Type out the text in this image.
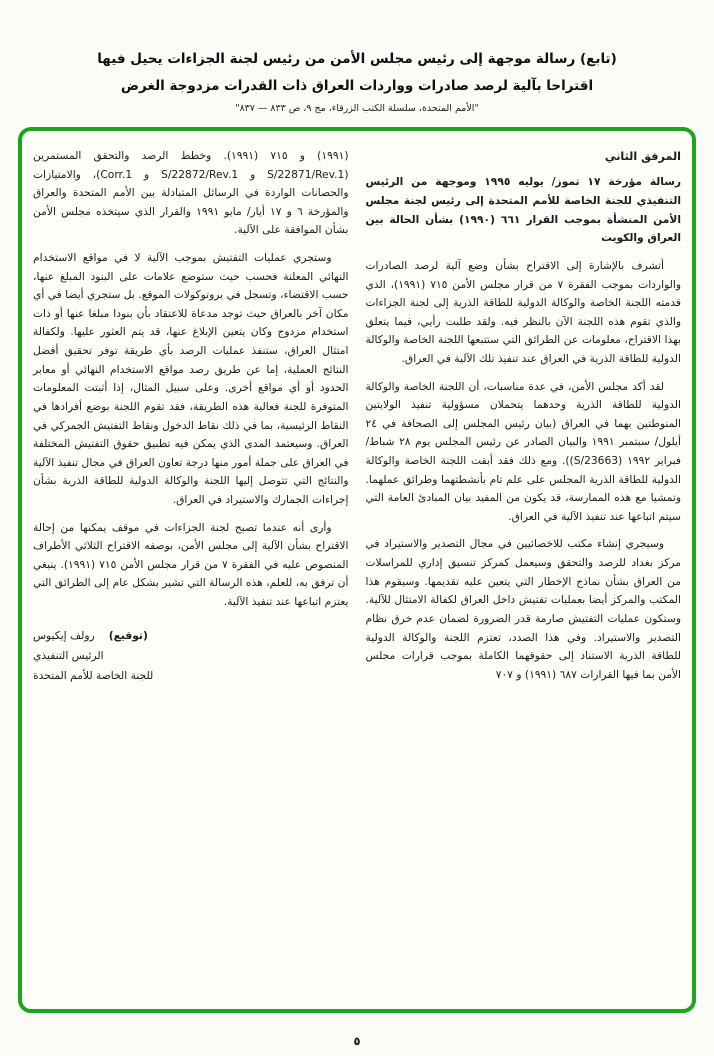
(تابع) رسالة موجهة إلى رئيس مجلس الأمن من رئيس لجنة الجزاءات يحيل فيها
اقتراحا بآلية لرصد صادرات وواردات العراق ذات القدرات مزدوجة الغرض
"الأمم المتحدة، سلسلة الكتب الزرقاء، مج ٩، ص ٨٣٣ — ٨٣٧"
المرفق الثاني
رسالة مؤرخة ١٧ تموز/ يوليه ١٩٩٥ وموجهة من الرئيس التنفيذي للجنة الخاصة للأمم المتحدة إلى رئيس لجنة مجلس الأمن المنشأة بموجب القرار ٦٦١ (١٩٩٠) بشأن الحالة بين العراق والكويت

أتشرف بالإشارة إلى الاقتراح بشأن وضع آلية لرصد الصادرات والواردات بموجب الفقرة ٧ من قرار مجلس الأمن ٧١٥ (١٩٩١)، الذي قدمته اللجنة الخاصة والوكالة الدولية للطاقة الذرية إلى لجنة الجزاءات والذي تقوم هذه اللجنة الآن بالنظر فيه. ولقد طلبت رأيي، فيما يتعلق بهذا الاقتراح، معلومات عن الطرائق التي ستتبعها اللجنة الخاصة والوكالة الدولية للطاقة الذرية في العراق عند تنفيذ تلك الآلية في العراق.

لقد أكد مجلس الأمن، في عدة مناسبات، أن اللجنة الخاصة والوكالة الدولية للطاقة الذرية وحدهما يتحملان مسؤولية تنفيذ الولايتين المنوطتين بهما في العراق (بيان رئيس المجلس إلى الصحافة في ٢٤ أيلول/ سبتمبر ١٩٩١ والبيان الصادر عن رئيس المجلس يوم ٢٨ شباط/ فبراير ١٩٩٢ (S/23663)). ومع ذلك فقد أبقت اللجنة الخاصة والوكالة الدولية للطاقة الذرية المجلس على علم تام بأنشطتهما وطرائق عملهما. وتمشيا مع هذه الممارسة، قد يكون من المفيد بيان المبادئ العامة التي سيتم اتباعها عند تنفيذ الآلية في العراق.

وسيجري إنشاء مكتب للاخصائيين في مجال التصدير والاستيراد في مركز بغداد للرصد والتحقق وسيعمل كمركز تنسيق إداري للمراسلات من العراق بشأن نماذج الإخطار التي يتعين عليه تقديمها. وسيقوم هذا المكتب والمركز أيضا بعمليات تفتيش داخل العراق لكفالة الامتثال للآلية. وستكون عمليات التفتيش صارمة قدر الضرورة لضمان عدم خرق نظام التصدير والاستيراد. وفي هذا الصدد، تعتزم اللجنة والوكالة الدولية للطاقة الذرية الاستناد إلى حقوقهما الكاملة بموجب قرارات مجلس الأمن بما فيها القرارات ٦٨٧ (١٩٩١) و ٧٠٧

(١٩٩١) و ٧١٥ (١٩٩١). وخطط الرصد والتحقق المستمرين (S/22871/Rev.1 و S/22872/Rev.1 و Corr.1)، والامتيازات والحصانات الواردة في الرسائل المتبادلة بين الأمم المتحدة والعراق والمؤرخة ٦ و ١٧ أيار/ مايو ١٩٩١ والقرار الذي سيتخذه مجلس الأمن بشأن الموافقة على الآلية.

وستجري عمليات التفتيش بموجب الآلية لا في مواقع الاستخدام النهائي المعلنة فحسب حيث ستوضع علامات على البنود المبلغ عنها، حسب الاقتضاء، وتسجل في بروتوكولات الموقع. بل ستجري أيضا في أي مكان آخر بالعراق حيث توجد مدعاة للاعتقاد بأن بنودا مبلغا عنها أو ذات استخدام مزدوج وكان يتعين الإبلاغ عنها، قد يتم العثور عليها. ولكفالة امتثال العراق، ستنفذ عمليات الرصد بأي طريقة توفر تحقيق أفضل النتائج العملية، إما عن طريق رصد مواقع الاستخدام النهائي أو معابر الحدود أو أي مواقع أخرى. وعلى سبيل المثال، إذا أثبتت المعلومات المتوفرة للجنة فعالية هذه الطريقة، فقد تقوم اللجنة بوضع أفرادها في النقاط الرئيسية، بما في ذلك نقاط الدخول ونقاط التفتيش الجمركي في العراق. وسيعتمد المدى الذي يمكن فيه تطبيق حقوق التفتيش المختلفة في العراق على جملة أمور منها درجة تعاون العراق في مجال تنفيذ الآلية والنتائج التي تتوصل إليها اللجنة والوكالة الدولية للطاقة الذرية بشأن إجراءات الجمارك والاستيراد في العراق.

وأرى أنه عندما تصبح لجنة الجزاءات في موقف يمكنها من إحالة الاقتراح بشأن الآلية إلى مجلس الأمن، بوصفه الاقتراح الثلاثي الأطراف المنصوص عليه في الفقرة ٧ من قرار مجلس الأمن ٧١٥ (١٩٩١). ينبغي أن ترفق به، للعلم، هذه الرسالة التي تشير بشكل عام إلى الطرائق التي يعتزم اتباعها عند تنفيذ الآلية.

(توقيع)رولف إيكيوس
الرئيس التنفيذي
للجنة الخاصة للأمم المتحدة
٥
